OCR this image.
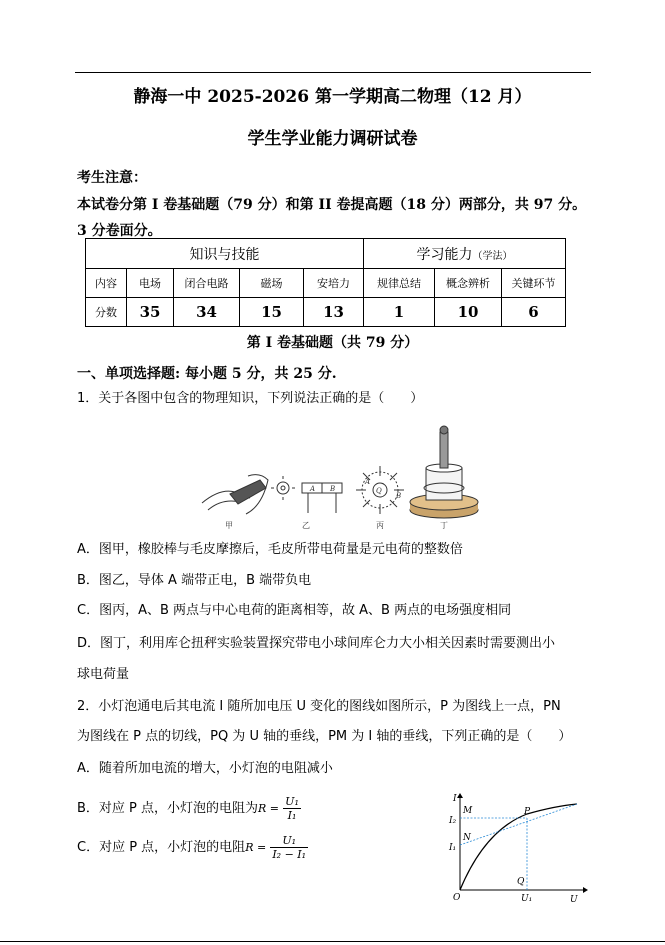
静海一中 2025-2026 第一学期高二物理（12 月）
学生学业能力调研试卷
考生注意：
本试卷分第 I 卷基础题（79 分）和第 II 卷提高题（18 分）两部分，共 97 分。3 分卷面分。
知识与技能					学习能力（学法）		
内容	电场	闭合电路	磁场	安培力	规律总结	概念辨析	关键环节
分数	35	34	15	13	1	10	6
第 I 卷基础题（共 79 分）
一、单项选择题: 每小题 5 分，共 25 分.
1．关于各图中包含的物理知识，下列说法正确的是（　　）
甲
A B
乙
Q
A
B
丙	丁
A．图甲，橡胶棒与毛皮摩擦后，毛皮所带电荷量是元电荷的整数倍
B．图乙，导体 A 端带正电，B 端带负电
C．图丙，A、B 两点与中心电荷的距离相等，故 A、B 两点的电场强度相同
D．图丁，利用库仑扭秤实验装置探究带电小球间库仑力大小相关因素时需要测出小
球电荷量
2．小灯泡通电后其电流 I 随所加电压 U 变化的图线如图所示，P 为图线上一点，PN
为图线在 P 点的切线，PQ 为 U 轴的垂线，PM 为 I 轴的垂线，下列正确的是（　　）
A．随着所加电流的增大，小灯泡的电阻减小
B．对应 P 点，小灯泡的电阻为$R = \frac{\text{U₁}}{\text{I₁}}$
C．对应 P 点，小灯泡的电阻$R = \frac{\text{U₁}}{\text{I₂ − I₁}}$
I
U
O
M
N
P
Q
I₂
I₁
U₁
